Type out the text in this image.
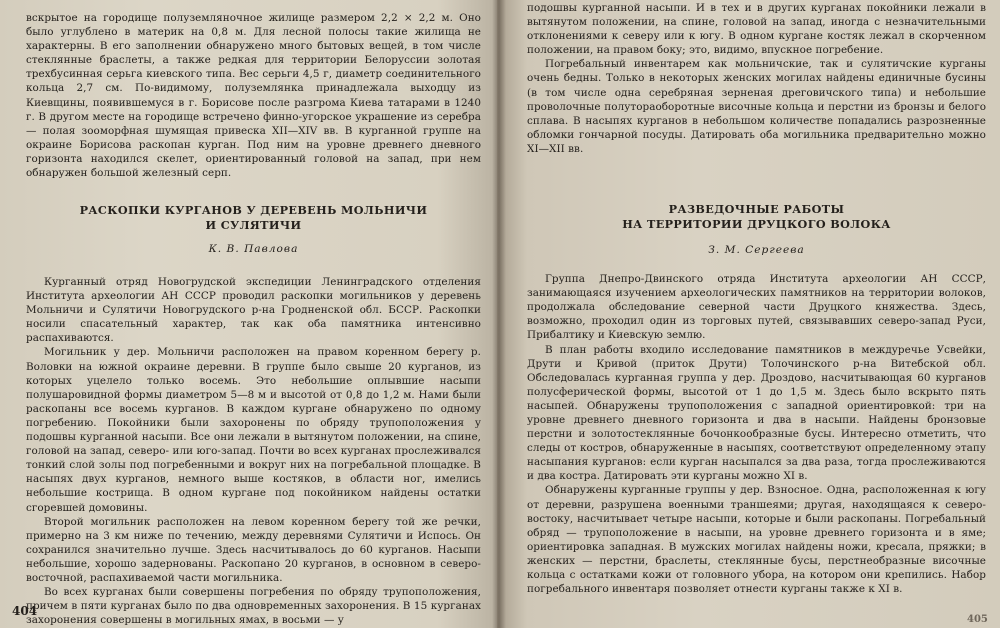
вскрытое на городище полуземляночное жилище размером 2,2 × 2,2 м. Оно было углублено в материк на 0,8 м. Для лесной полосы такие жилища не характерны. В его заполнении обнаружено много бытовых вещей, в том числе стеклянные браслеты, а также редкая для территории Белоруссии золотая трехбусинная серьга киевского типа. Вес серьги 4,5 г, диаметр соединительного кольца 2,7 см. По-видимому, полуземлянка принадлежала выходцу из Киевщины, появившемуся в г. Борисове после разгрома Киева татарами в 1240 г. В другом месте на городище встречено финно-угорское украшение из серебра — полая зооморфная шумящая привеска XII—XIV вв. В курганной группе на окраине Борисова раскопан курган. Под ним на уровне древнего дневного горизонта находился скелет, ориентированный головой на запад, при нем обнаружен большой железный серп.

РАСКОПКИ КУРГАНОВ У ДЕРЕВЕНЬ МОЛЬНИЧИ

И СУЛЯТИЧИ

К. В. Павлова

Курганный отряд Новогрудской экспедиции Ленинградского отделения Института археологии АН СССР проводил раскопки могильников у деревень Мольничи и Сулятичи Новогрудского р-на Гродненской обл. БССР. Раскопки носили спасательный характер, так как оба памятника интенсивно распахиваются.

Могильник у дер. Мольничи расположен на правом коренном берегу р. Воловки на южной окраине деревни. В группе было свыше 20 курганов, из которых уцелело только восемь. Это небольшие оплывшие насыпи полушаровидной формы диаметром 5—8 м и высотой от 0,8 до 1,2 м. Нами были раскопаны все восемь курганов. В каждом кургане обнаружено по одному погребению. Покойники были захоронены по обряду трупоположения у подошвы курганной насыпи. Все они лежали в вытянутом положении, на спине, головой на запад, северо- или юго-запад. Почти во всех курганах прослеживался тонкий слой золы под погребенными и вокруг них на погребальной площадке. В насыпях двух курганов, немного выше костяков, в области ног, имелись небольшие кострища. В одном кургане под покойником найдены остатки сгоревшей домовины.

Второй могильник расположен на левом коренном берегу той же речки, примерно на 3 км ниже по течению, между деревнями Сулятичи и Испось. Он сохранился значительно лучше. Здесь насчитывалось до 60 курганов. Насыпи небольшие, хорошо задернованы. Раскопано 20 курганов, в основном в северо-восточной, распахиваемой части могильника.

Во всех курганах были совершены погребения по обряду трупоположения, причем в пяти курганах было по два одновременных захоронения. В 15 курганах захоронения совершены в могильных ямах, в восьми — у

404

подошвы курганной насыпи. И в тех и в других курганах покойники лежали в вытянутом положении, на спине, головой на запад, иногда с незначительными отклонениями к северу или к югу. В одном кургане костяк лежал в скорченном положении, на правом боку; это, видимо, впускное погребение.

Погребальный инвентарем как мольничские, так и сулятичские курганы очень бедны. Только в некоторых женских могилах найдены единичные бусины (в том числе одна серебряная зерненая дреговичского типа) и небольшие проволочные полутораоборотные височные кольца и перстни из бронзы и белого сплава. В насыпях курганов в небольшом количестве попадались разрозненные обломки гончарной посуды. Датировать оба могильника предварительно можно XI—XII вв.

РАЗВЕДОЧНЫЕ РАБОТЫ

НА ТЕРРИТОРИИ ДРУЦКОГО ВОЛОКА

З. М. Сергеева

Группа Днепро-Двинского отряда Института археологии АН СССР, занимающаяся изучением археологических памятников на территории волоков, продолжала обследование северной части Друцкого княжества. Здесь, возможно, проходил один из торговых путей, связывавших северо-запад Руси, Прибалтику и Киевскую землю.

В план работы входило исследование памятников в междуречье Усвейки, Друти и Кривой (приток Друти) Толочинского р-на Витебской обл. Обследовалась курганная группа у дер. Дроздово, насчитывающая 60 курганов полусферической формы, высотой от 1 до 1,5 м. Здесь было вскрыто пять насыпей. Обнаружены трупоположения с западной ориентировкой: три на уровне древнего дневного горизонта и два в насыпи. Найдены бронзовые перстни и золотостеклянные бочонкообразные бусы. Интересно отметить, что следы от костров, обнаруженные в насыпях, соответствуют определенному этапу насыпания курганов: если курган насыпался за два раза, тогда прослеживаются и два костра. Датировать эти курганы можно XI в.

Обнаружены курганные группы у дер. Взносное. Одна, расположенная к югу от деревни, разрушена военными траншеями; другая, находящаяся к северо-востоку, насчитывает четыре насыпи, которые и были раскопаны. Погребальный обряд — трупоположение в насыпи, на уровне древнего горизонта и в яме; ориентировка западная. В мужских могилах найдены ножи, кресала, пряжки; в женских — перстни, браслеты, стеклянные бусы, перстнеобразные височные кольца с остатками кожи от головного убора, на котором они крепились. Набор погребального инвентаря позволяет отнести курганы также к XI в.

405
